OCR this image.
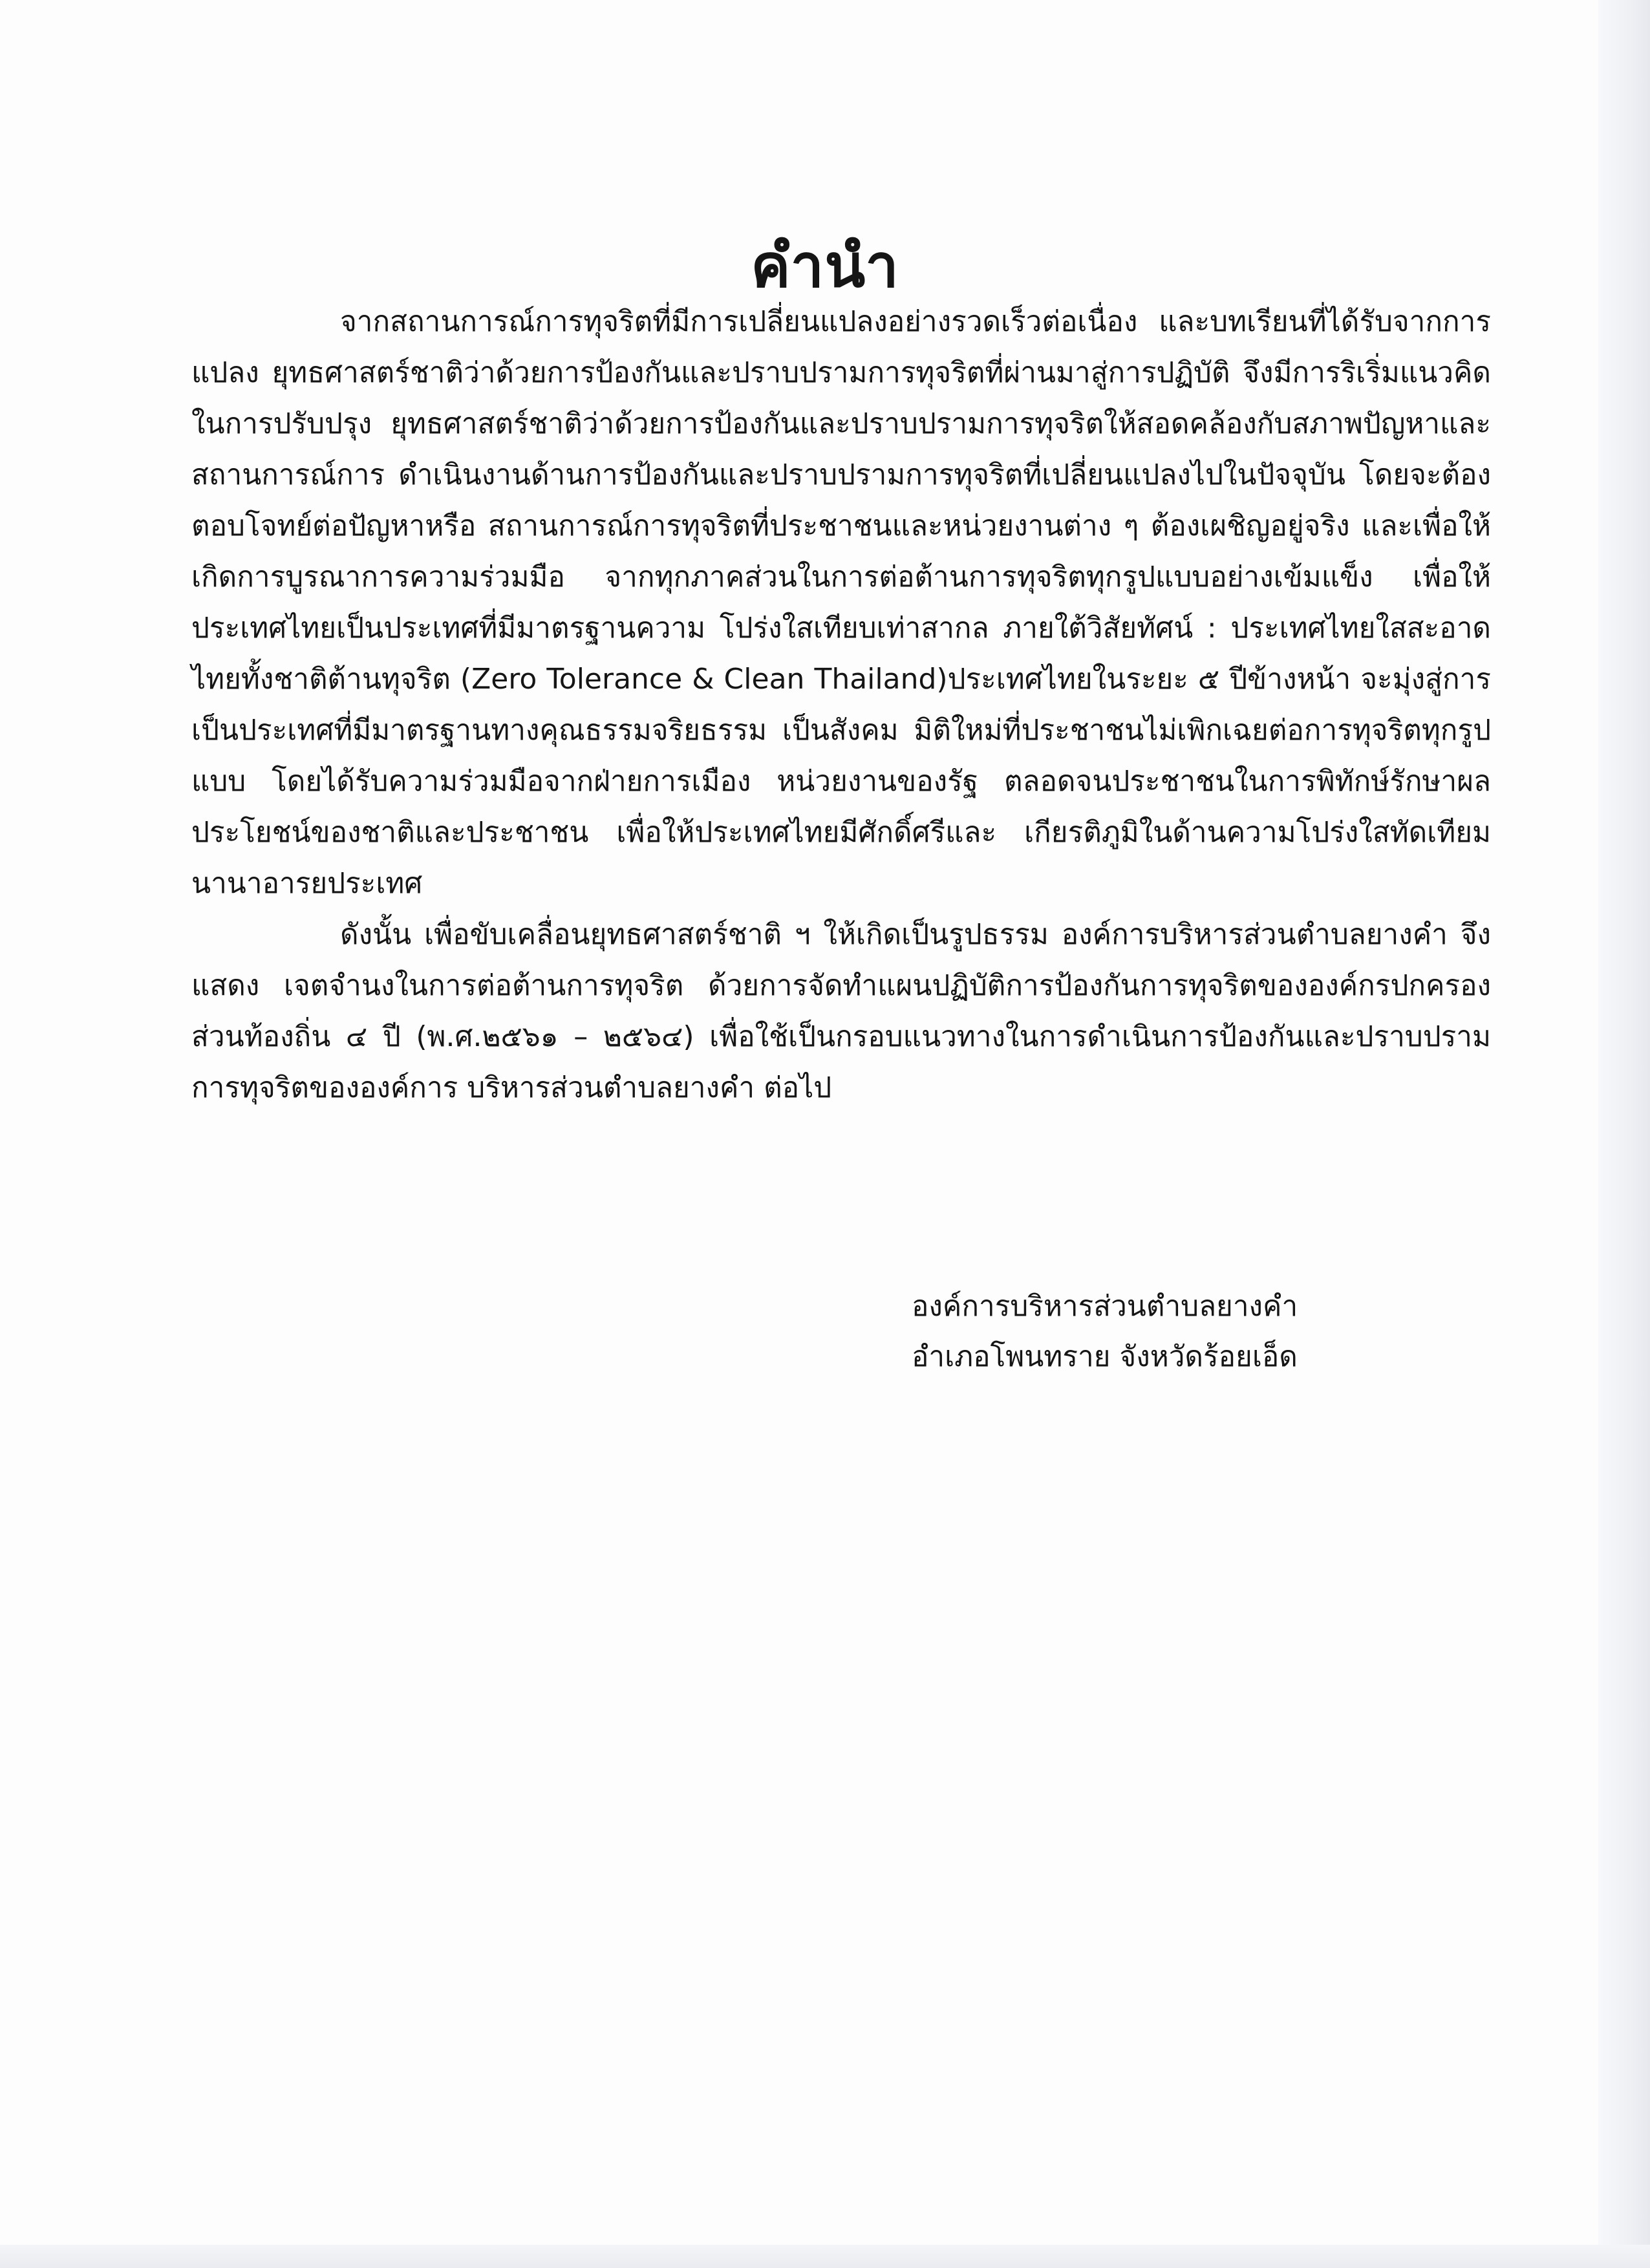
คำนำ

จากสถานการณ์การทุจริตที่มีการเปลี่ยนแปลงอย่างรวดเร็วต่อเนื่อง และบทเรียนที่ได้รับจากการแปลง ยุทธศาสตร์ชาติว่าด้วยการป้องกันและปราบปรามการทุจริตที่ผ่านมาสู่การปฏิบัติ จึงมีการริเริ่มแนวคิดในการปรับปรุง ยุทธศาสตร์ชาติว่าด้วยการป้องกันและปราบปรามการทุจริตให้สอดคล้องกับสภาพปัญหาและสถานการณ์การ ดำเนินงานด้านการป้องกันและปราบปรามการทุจริตที่เปลี่ยนแปลงไปในปัจจุบัน โดยจะต้องตอบโจทย์ต่อปัญหาหรือ สถานการณ์การทุจริตที่ประชาชนและหน่วยงานต่าง ๆ ต้องเผชิญอยู่จริง และเพื่อให้เกิดการบูรณาการความร่วมมือ จากทุกภาคส่วนในการต่อต้านการทุจริตทุกรูปแบบอย่างเข้มแข็ง เพื่อให้ประเทศไทยเป็นประเทศที่มีมาตรฐานความ โปร่งใสเทียบเท่าสากล ภายใต้วิสัยทัศน์ : ประเทศไทยใสสะอาด ไทยทั้งชาติต้านทุจริต (Zero Tolerance & Clean Thailand)ประเทศไทยในระยะ ๕ ปีข้างหน้า จะมุ่งสู่การเป็นประเทศที่มีมาตรฐานทางคุณธรรมจริยธรรม เป็นสังคม มิติใหม่ที่ประชาชนไม่เพิกเฉยต่อการทุจริตทุกรูปแบบ โดยได้รับความร่วมมือจากฝ่ายการเมือง หน่วยงานของรัฐ ตลอดจนประชาชนในการพิทักษ์รักษาผลประโยชน์ของชาติและประชาชน เพื่อให้ประเทศไทยมีศักดิ์ศรีและ เกียรติภูมิในด้านความโปร่งใสทัดเทียมนานาอารยประเทศ

ดังนั้น เพื่อขับเคลื่อนยุทธศาสตร์ชาติ ฯ ให้เกิดเป็นรูปธรรม องค์การบริหารส่วนตำบลยางคำ จึงแสดง เจตจำนงในการต่อต้านการทุจริต ด้วยการจัดทำแผนปฏิบัติการป้องกันการทุจริตขององค์กรปกครองส่วนท้องถิ่น ๔ ปี (พ.ศ.๒๕๖๑ – ๒๕๖๔) เพื่อใช้เป็นกรอบแนวทางในการดำเนินการป้องกันและปราบปรามการทุจริตขององค์การ บริหารส่วนตำบลยางคำ ต่อไป

องค์การบริหารส่วนตำบลยางคำ
อำเภอโพนทราย จังหวัดร้อยเอ็ด
